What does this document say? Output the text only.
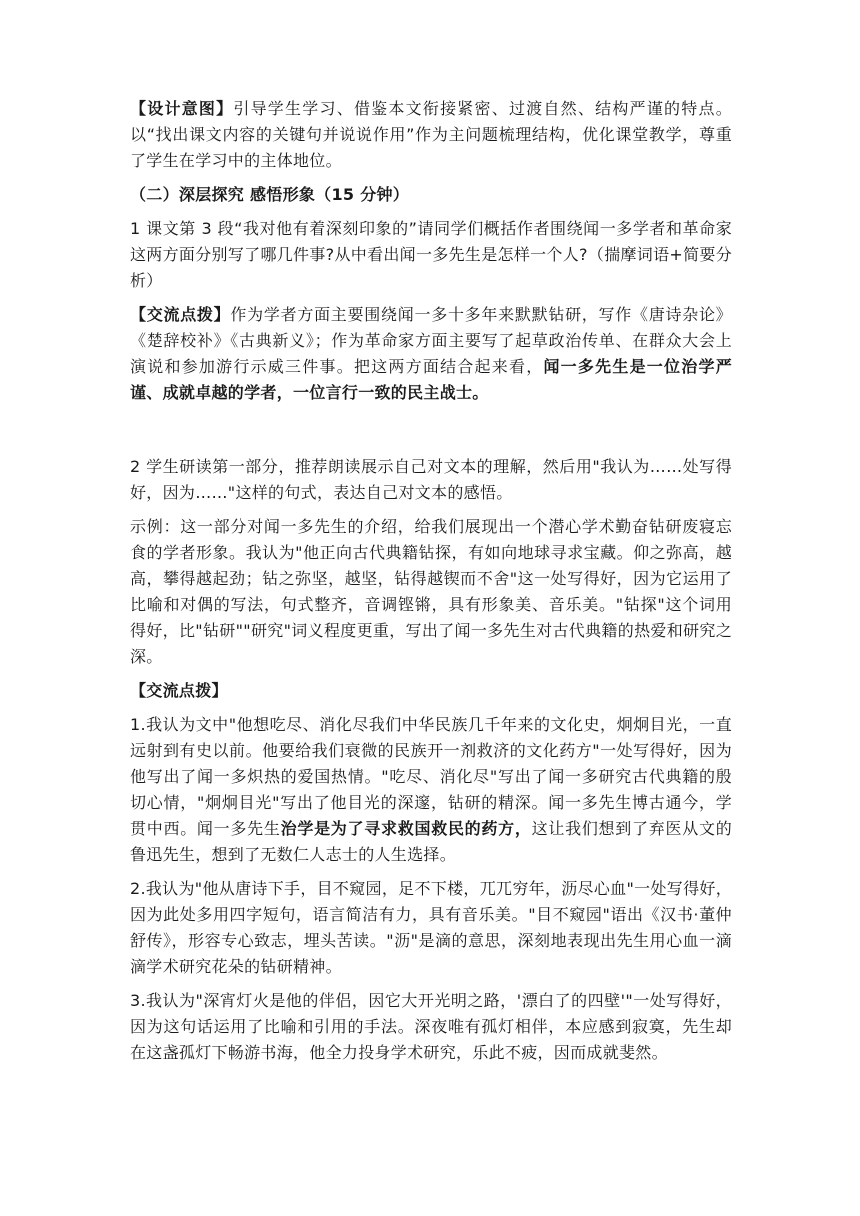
【设计意图】引导学生学习、借鉴本文衔接紧密、过渡自然、结构严谨的特点。以“找出课文内容的关键句并说说作用”作为主问题梳理结构，优化课堂教学，尊重了学生在学习中的主体地位。

（二）深层探究 感悟形象（15 分钟）

1 课文第 3 段“我对他有着深刻印象的”请同学们概括作者围绕闻一多学者和革命家这两方面分别写了哪几件事?从中看出闻一多先生是怎样一个人?（揣摩词语+简要分析）

【交流点拨】作为学者方面主要围绕闻一多十多年来默默钻研，写作《唐诗杂论》《楚辞校补》《古典新义》；作为革命家方面主要写了起草政治传单、在群众大会上演说和参加游行示威三件事。把这两方面结合起来看，闻一多先生是一位治学严谨、成就卓越的学者，一位言行一致的民主战士。

2 学生研读第一部分，推荐朗读展示自己对文本的理解，然后用"我认为……处写得好，因为……"这样的句式，表达自己对文本的感悟。

示例：这一部分对闻一多先生的介绍，给我们展现出一个潜心学术勤奋钻研废寝忘食的学者形象。我认为"他正向古代典籍钻探，有如向地球寻求宝藏。仰之弥高，越高，攀得越起劲；钻之弥坚，越坚，钻得越锲而不舍"这一处写得好，因为它运用了比喻和对偶的写法，句式整齐，音调铿锵，具有形象美、音乐美。"钻探"这个词用得好，比"钻研""研究"词义程度更重，写出了闻一多先生对古代典籍的热爱和研究之深。

【交流点拨】

1.我认为文中"他想吃尽、消化尽我们中华民族几千年来的文化史，炯炯目光，一直远射到有史以前。他要给我们衰微的民族开一剂救济的文化药方"一处写得好，因为他写出了闻一多炽热的爱国热情。"吃尽、消化尽"写出了闻一多研究古代典籍的殷切心情，"炯炯目光"写出了他目光的深邃，钻研的精深。闻一多先生博古通今，学贯中西。闻一多先生治学是为了寻求救国救民的药方，这让我们想到了弃医从文的鲁迅先生，想到了无数仁人志士的人生选择。

2.我认为"他从唐诗下手，目不窥园，足不下楼，兀兀穷年，沥尽心血"一处写得好，因为此处多用四字短句，语言简洁有力，具有音乐美。"目不窥园"语出《汉书·董仲舒传》，形容专心致志，埋头苦读。"沥"是滴的意思，深刻地表现出先生用心血一滴滴学术研究花朵的钻研精神。

3.我认为"深宵灯火是他的伴侣，因它大开光明之路，'漂白了的四壁'"一处写得好，因为这句话运用了比喻和引用的手法。深夜唯有孤灯相伴，本应感到寂寞，先生却在这盏孤灯下畅游书海，他全力投身学术研究，乐此不疲，因而成就斐然。
